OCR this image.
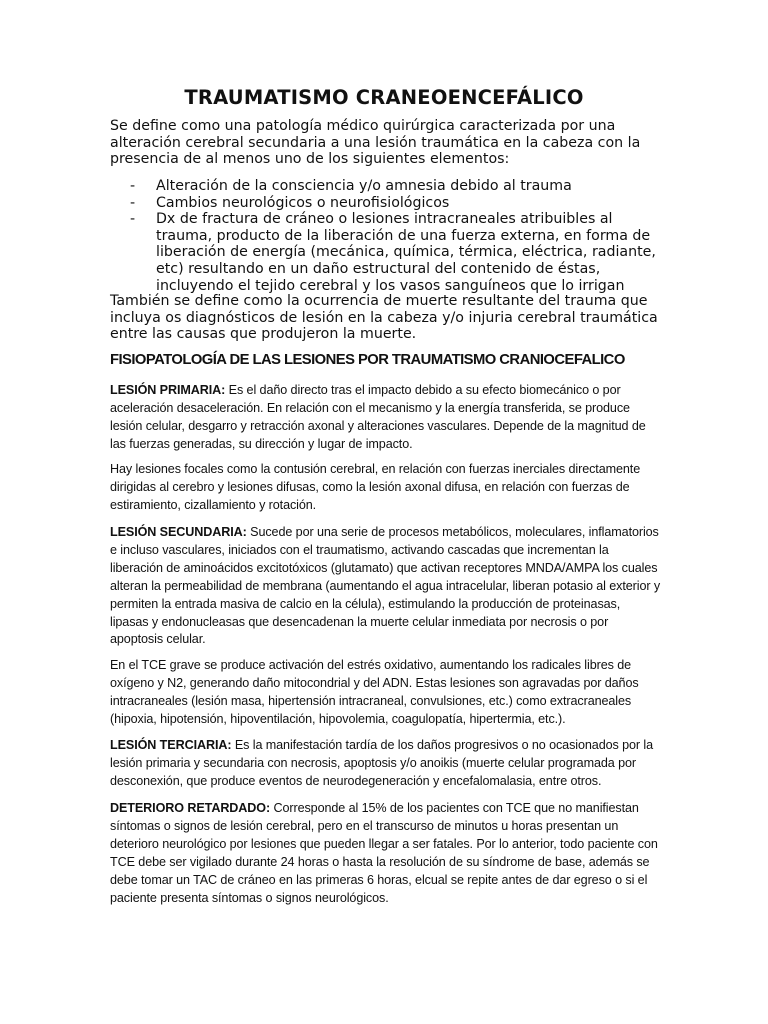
TRAUMATISMO CRANEOENCEFÁLICO

Se define como una patología médico quirúrgica caracterizada por una alteración cerebral secundaria a una lesión traumática en la cabeza con la presencia de al menos uno de los siguientes elementos:

- Alteración de la consciencia y/o amnesia debido al trauma
- Cambios neurológicos o neurofisiológicos
- Dx de fractura de cráneo o lesiones intracraneales atribuibles al trauma, producto de la liberación de una fuerza externa, en forma de liberación de energía (mecánica, química, térmica, eléctrica, radiante, etc) resultando en un daño estructural del contenido de éstas, incluyendo el tejido cerebral y los vasos sanguíneos que lo irrigan

También se define como la ocurrencia de muerte resultante del trauma que incluya os diagnósticos de lesión en la cabeza y/o injuria cerebral traumática entre las causas que produjeron la muerte.

FISIOPATOLOGÍA DE LAS LESIONES POR TRAUMATISMO CRANIOCEFALICO

LESIÓN PRIMARIA: Es el daño directo tras el impacto debido a su efecto biomecánico o por aceleración desaceleración. En relación con el mecanismo y la energía transferida, se produce lesión celular, desgarro y retracción axonal y alteraciones vasculares. Depende de la magnitud de las fuerzas generadas, su dirección y lugar de impacto.

Hay lesiones focales como la contusión cerebral, en relación con fuerzas inerciales directamente dirigidas al cerebro y lesiones difusas, como la lesión axonal difusa, en relación con fuerzas de estiramiento, cizallamiento y rotación.

LESIÓN SECUNDARIA: Sucede por una serie de procesos metabólicos, moleculares, inflamatorios e incluso vasculares, iniciados con el traumatismo, activando cascadas que incrementan la liberación de aminoácidos excitotóxicos (glutamato) que activan receptores MNDA/AMPA los cuales alteran la permeabilidad de membrana (aumentando el agua intracelular, liberan potasio al exterior y permiten la entrada masiva de calcio en la célula), estimulando la producción de proteinasas, lipasas y endonucleasas que desencadenan la muerte celular inmediata por necrosis o por apoptosis celular.

En el TCE grave se produce activación del estrés oxidativo, aumentando los radicales libres de oxígeno y N2, generando daño mitocondrial y del ADN. Estas lesiones son agravadas por daños intracraneales (lesión masa, hipertensión intracraneal, convulsiones, etc.) como extracraneales (hipoxia, hipotensión, hipoventilación, hipovolemia, coagulopatía, hipertermia, etc.).

LESIÓN TERCIARIA: Es la manifestación tardía de los daños progresivos o no ocasionados por la lesión primaria y secundaria con necrosis, apoptosis y/o anoikis (muerte celular programada por desconexión, que produce eventos de neurodegeneración y encefalomalasia, entre otros.

DETERIORO RETARDADO: Corresponde al 15% de los pacientes con TCE que no manifiestan síntomas o signos de lesión cerebral, pero en el transcurso de minutos u horas presentan un deterioro neurológico por lesiones que pueden llegar a ser fatales. Por lo anterior, todo paciente con TCE debe ser vigilado durante 24 horas o hasta la resolución de su síndrome de base, además se debe tomar un TAC de cráneo en las primeras 6 horas, elcual se repite antes de dar egreso o si el paciente presenta síntomas o signos neurológicos.
